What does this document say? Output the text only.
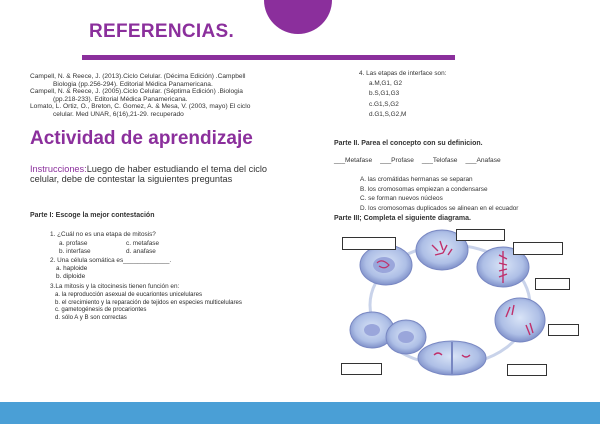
REFERENCIAS.
Campell, N. & Reece, J. (2013).Ciclo Celular. (Décima Edición) .Campbell
Biologia (pp.256-294). Editorial Médica Panamericana.
Campell, N. & Reece, J. (2005).Ciclo Celular. (Séptima Edición) .Biologia
(pp.218-233). Editorial Médica Panamericana.
Lomato, L. Ortiz, O., Breton, C. Gomez, A. & Mesa, V. (2003, mayo) El ciclo
celular. Med UNAR, 6(16),21-29. recuperado
Actividad de aprendizaje
Instrucciones:Luego de haber estudiando el tema del ciclo celular, debe de contestar la siguientes preguntas
Parte I: Escoge la mejor contestación
1. ¿Cuál no es una etapa de mitosis?
a. profase	c. metafase
b. interfase	d. anafase
2. Una célula somática es_____________.
a. haploide
b. diploide
3.La mitosis y la citocinesis tienen función en:
a. la reproducción asexual de eucariontes unicelulares
b. el crecimiento y la reparación de tejidos en especies multicelulares
c. gametogénesis de procariontes
d. sólo A y B son correctas
4. Las etapas de interface son:
a.M,G1, G2
b.S,G1,G3
c.G1,S,G2
d.G1,S,G2,M
Parte II. Parea el concepto con su definicion.
___ Metafase	___ Profase	___ Telofase	___ Anafase
A. las cromátidas hermanas se separan
B. los cromosomas empiezan a condensarse
C. se forman nuevos núcleos
D. los cromosomas duplicados se alinean en el ecuador
Parte III; Completa el siguiente diagrama.
